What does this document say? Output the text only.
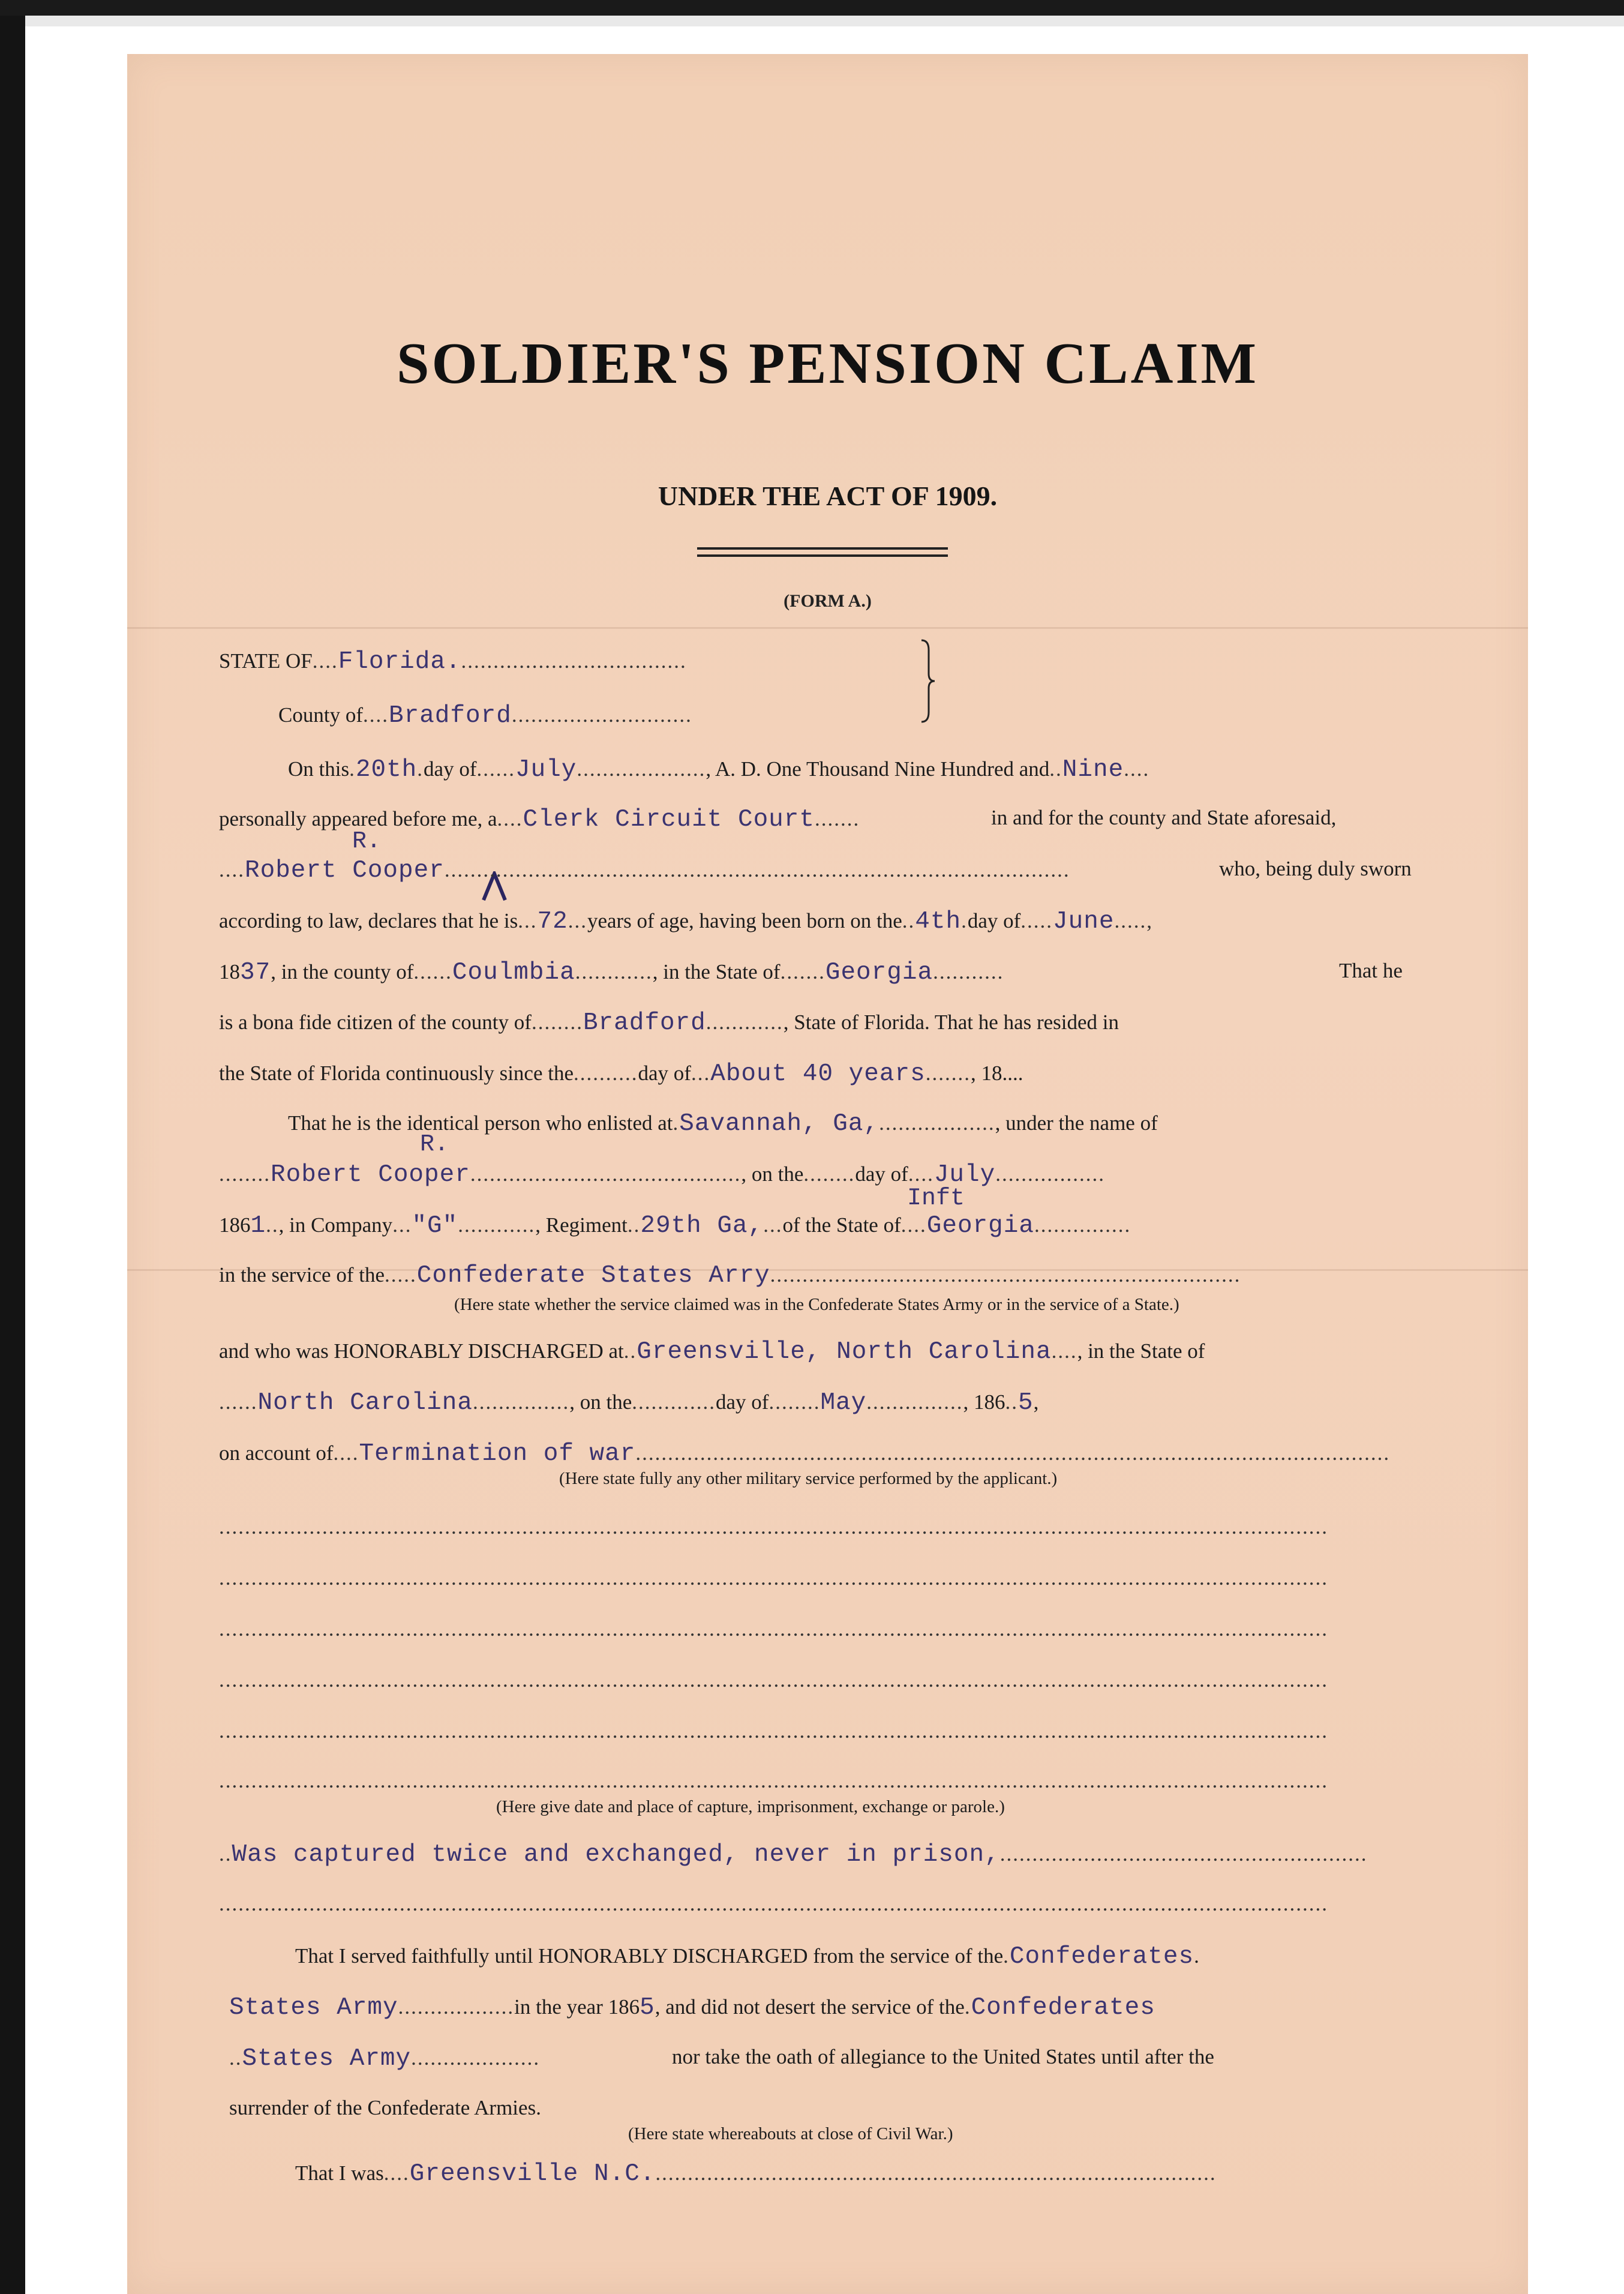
SOLDIER'S PENSION CLAIM
UNDER THE ACT OF 1909.
(FORM A.)
STATE OF....Florida....................................
County of....Bradford............................
On this.20th.day of......July...................., A. D. One Thousand Nine Hundred and..Nine....
personally appeared before me, a....Clerk Circuit Court.......	in and for the county and State aforesaid,
R.
....Robert Cooper.................................................................................................	who, being duly sworn
according to law, declares that he is...72...years of age, having been born on the..4th.day of.....June.....,
1837, in the county of......Coulmbia............, in the State of.......Georgia...........	That he
is a bona fide citizen of the county of........Bradford............, State of Florida. That he has resided in
the State of Florida continuously since the..........day of...About 40 years......., 18....
That he is the identical person who enlisted at.Savannah, Ga,.................., under the name of
R.
........Robert Cooper.........................................., on the........day of....July.................
Inft
1861.., in Company..."G"............, Regiment..29th Ga,...of the State of....Georgia...............
in the service of the.....Confederate States Arry.........................................................................
(Here state whether the service claimed was in the Confederate States Army or in the service of a State.)
and who was HONORABLY DISCHARGED at..Greensville, North Carolina...., in the State of
......North Carolina..............., on the.............day of........May..............., 186..5,
on account of....Termination of war.....................................................................................................................
(Here state fully any other military service performed by the applicant.)
............................................................................................................................................................................
............................................................................................................................................................................
............................................................................................................................................................................
............................................................................................................................................................................
............................................................................................................................................................................
............................................................................................................................................................................
(Here give date and place of capture, imprisonment, exchange or parole.)
..Was captured twice and exchanged, never in prison,.........................................................
............................................................................................................................................................................
That I served faithfully until HONORABLY DISCHARGED from the service of the.Confederates.
States Army..................in the year 1865, and did not desert the service of the.Confederates
..States Army....................	nor take the oath of allegiance to the United States until after the
surrender of the Confederate Armies.
(Here state whereabouts at close of Civil War.)
That I was....Greensville N.C........................................................................................
